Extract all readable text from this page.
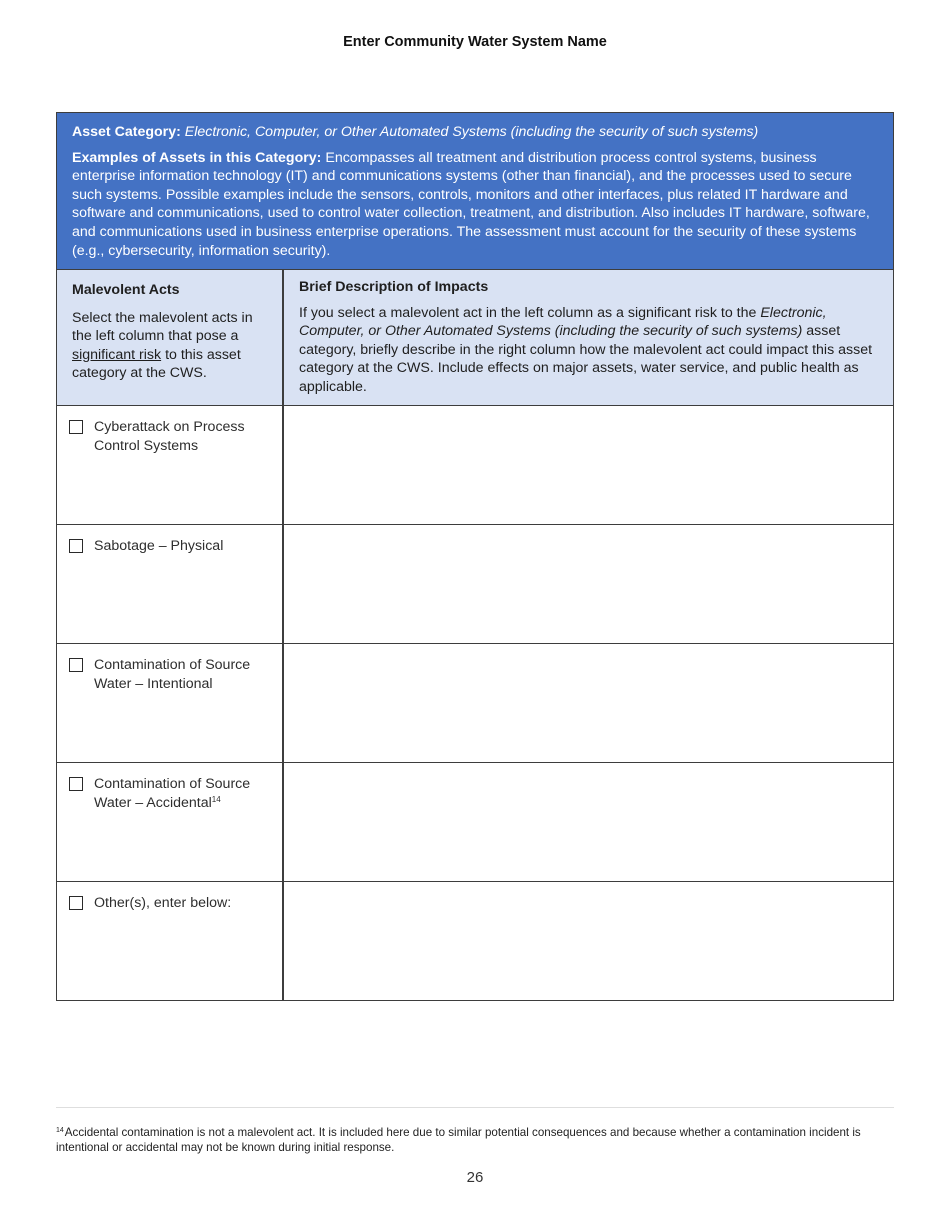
Enter Community Water System Name

Asset Category: Electronic, Computer, or Other Automated Systems (including the security of such systems)

Examples of Assets in this Category: Encompasses all treatment and distribution process control systems, business enterprise information technology (IT) and communications systems (other than financial), and the processes used to secure such systems. Possible examples include the sensors, controls, monitors and other interfaces, plus related IT hardware and software and communications, used to control water collection, treatment, and distribution. Also includes IT hardware, software, and communications used in business enterprise operations. The assessment must account for the security of these systems (e.g., cybersecurity, information security).

Malevolent Acts
Select the malevolent acts in the left column that pose a significant risk to this asset category at the CWS.
Brief Description of Impacts
If you select a malevolent act in the left column as a significant risk to the Electronic, Computer, or Other Automated Systems (including the security of such systems) asset category, briefly describe in the right column how the malevolent act could impact this asset category at the CWS. Include effects on major assets, water service, and public health as applicable.
Cyberattack on Process Control Systems
Sabotage – Physical
Contamination of Source Water – Intentional
Contamination of Source Water – Accidental$^{14}$
Other(s), enter below:
$^{14}$Accidental contamination is not a malevolent act. It is included here due to similar potential consequences and because whether a contamination incident is intentional or accidental may not be known during initial response.
26
